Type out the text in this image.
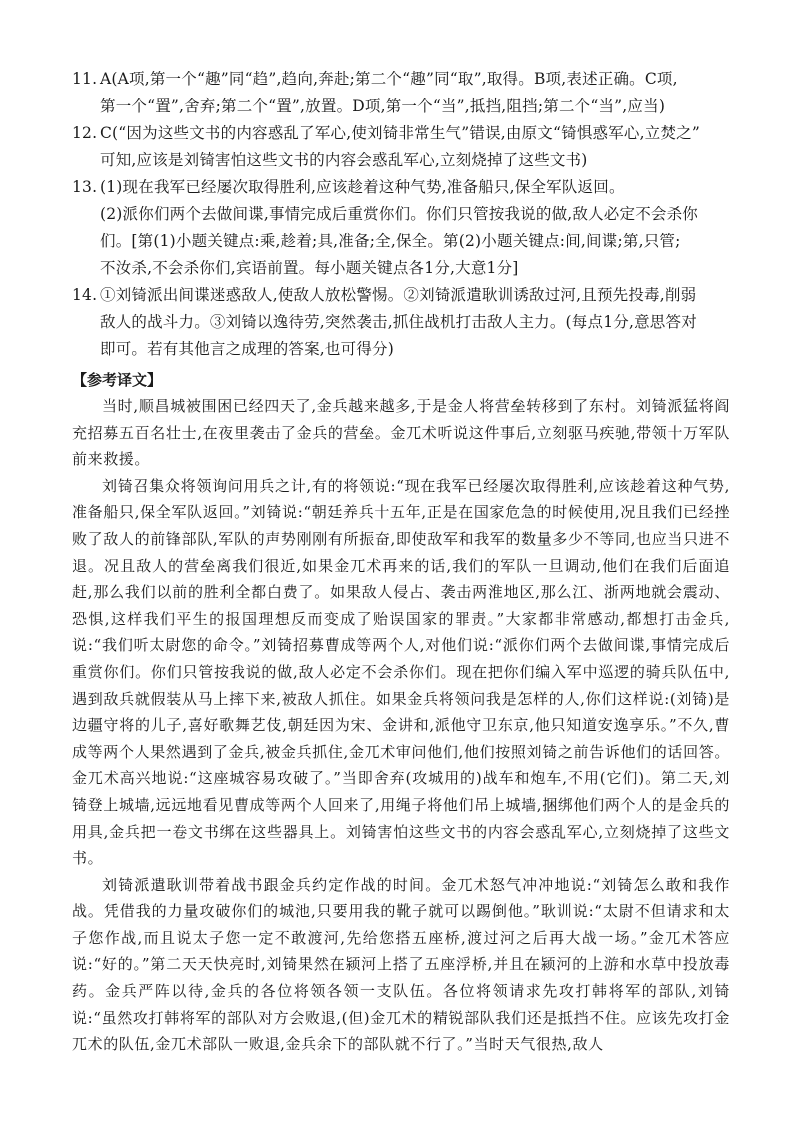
11. A(A项,第一个“趣”同“趋”,趋向,奔赴;第二个“趣”同“取”,取得。B项,表述正确。C项,

第一个“置”,舍弃;第二个“置”,放置。D项,第一个“当”,抵挡,阻挡;第二个“当”,应当)

12. C(“因为这些文书的内容惑乱了军心,使刘锜非常生气”错误,由原文“锜惧惑军心,立焚之”

可知,应该是刘锜害怕这些文书的内容会惑乱军心,立刻烧掉了这些文书)

13. (1)现在我军已经屡次取得胜利,应该趁着这种气势,准备船只,保全军队返回。

(2)派你们两个去做间谍,事情完成后重赏你们。你们只管按我说的做,敌人必定不会杀你

们。[第(1)小题关键点:乘,趁着;具,准备;全,保全。第(2)小题关键点:间,间谍;第,只管;

不汝杀,不会杀你们,宾语前置。每小题关键点各1分,大意1分]

14. ①刘锜派出间谍迷惑敌人,使敌人放松警惕。②刘锜派遣耿训诱敌过河,且预先投毒,削弱

敌人的战斗力。③刘锜以逸待劳,突然袭击,抓住战机打击敌人主力。(每点1分,意思答对

即可。若有其他言之成理的答案,也可得分)

【参考译文】

当时,顺昌城被围困已经四天了,金兵越来越多,于是金人将营垒转移到了东村。刘锜派猛将阎充招募五百名壮士,在夜里袭击了金兵的营垒。金兀术听说这件事后,立刻驱马疾驰,带领十万军队前来救援。

刘锜召集众将领询问用兵之计,有的将领说:“现在我军已经屡次取得胜利,应该趁着这种气势,准备船只,保全军队返回。”刘锜说:“朝廷养兵十五年,正是在国家危急的时候使用,况且我们已经挫败了敌人的前锋部队,军队的声势刚刚有所振奋,即使敌军和我军的数量多少不等同,也应当只进不退。况且敌人的营垒离我们很近,如果金兀术再来的话,我们的军队一旦调动,他们在我们后面追赶,那么我们以前的胜利全都白费了。如果敌人侵占、袭击两淮地区,那么江、浙两地就会震动、恐惧,这样我们平生的报国理想反而变成了贻误国家的罪责。”大家都非常感动,都想打击金兵,说:“我们听太尉您的命令。”刘锜招募曹成等两个人,对他们说:“派你们两个去做间谍,事情完成后重赏你们。你们只管按我说的做,敌人必定不会杀你们。现在把你们编入军中巡逻的骑兵队伍中,遇到敌兵就假装从马上摔下来,被敌人抓住。如果金兵将领问我是怎样的人,你们这样说:(刘锜)是边疆守将的儿子,喜好歌舞艺伎,朝廷因为宋、金讲和,派他守卫东京,他只知道安逸享乐。”不久,曹成等两个人果然遇到了金兵,被金兵抓住,金兀术审问他们,他们按照刘锜之前告诉他们的话回答。金兀术高兴地说:“这座城容易攻破了。”当即舍弃(攻城用的)战车和炮车,不用(它们)。第二天,刘锜登上城墙,远远地看见曹成等两个人回来了,用绳子将他们吊上城墙,捆绑他们两个人的是金兵的用具,金兵把一卷文书绑在这些器具上。刘锜害怕这些文书的内容会惑乱军心,立刻烧掉了这些文书。

刘锜派遣耿训带着战书跟金兵约定作战的时间。金兀术怒气冲冲地说:“刘锜怎么敢和我作战。凭借我的力量攻破你们的城池,只要用我的靴子就可以踢倒他。”耿训说:“太尉不但请求和太子您作战,而且说太子您一定不敢渡河,先给您搭五座桥,渡过河之后再大战一场。”金兀术答应说:“好的。”第二天天快亮时,刘锜果然在颍河上搭了五座浮桥,并且在颍河的上游和水草中投放毒药。金兵严阵以待,金兵的各位将领各领一支队伍。各位将领请求先攻打韩将军的部队,刘锜说:“虽然攻打韩将军的部队对方会败退,(但)金兀术的精锐部队我们还是抵挡不住。应该先攻打金兀术的队伍,金兀术部队一败退,金兵余下的部队就不行了。”当时天气很热,敌人
